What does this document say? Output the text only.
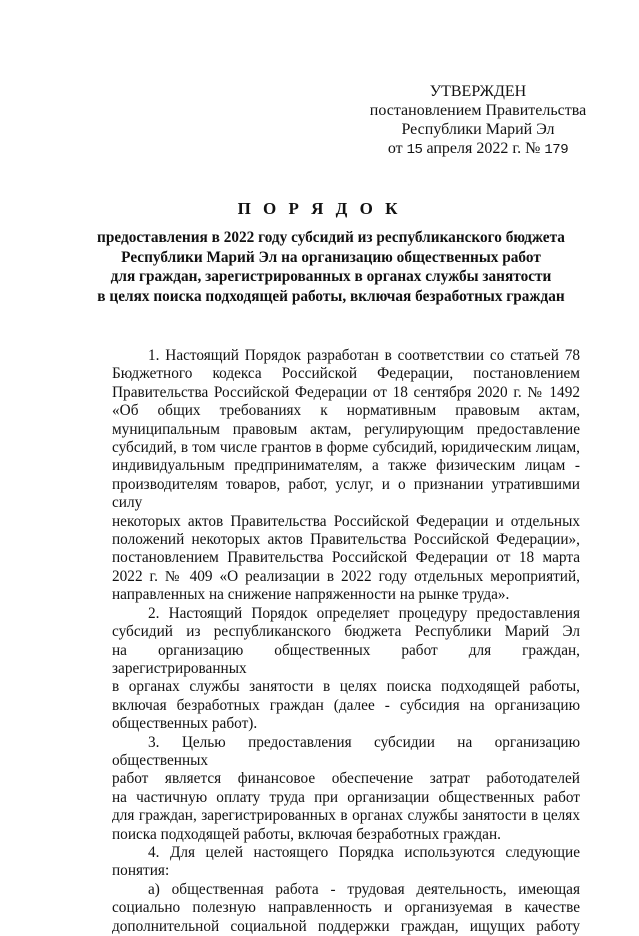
УТВЕРЖДЕН
постановлением Правительства
Республики Марий Эл
от 15 апреля 2022 г. № 179
П О Р Я Д О К
предоставления в 2022 году субсидий из республиканского бюджета
Республики Марий Эл на организацию общественных работ
для граждан, зарегистрированных в органах службы занятости
в целях поиска подходящей работы, включая безработных граждан
1. Настоящий Порядок разработан в соответствии со статьей 78
Бюджетного кодекса Российской Федерации, постановлением
Правительства Российской Федерации от 18 сентября 2020 г. № 1492
«Об общих требованиях к нормативным правовым актам,
муниципальным правовым актам, регулирующим предоставление
субсидий, в том числе грантов в форме субсидий, юридическим лицам,
индивидуальным предпринимателям, а также физическим лицам -
производителям товаров, работ, услуг, и о признании утратившими силу
некоторых актов Правительства Российской Федерации и отдельных
положений некоторых актов Правительства Российской Федерации»,
постановлением Правительства Российской Федерации от 18 марта
2022 г. № 409 «О реализации в 2022 году отдельных мероприятий,
направленных на снижение напряженности на рынке труда».
2. Настоящий Порядок определяет процедуру предоставления
субсидий из республиканского бюджета Республики Марий Эл
на организацию общественных работ для граждан, зарегистрированных
в органах службы занятости в целях поиска подходящей работы,
включая безработных граждан (далее - субсидия на организацию
общественных работ).
3. Целью предоставления субсидии на организацию общественных
работ является финансовое обеспечение затрат работодателей
на частичную оплату труда при организации общественных работ
для граждан, зарегистрированных в органах службы занятости в целях
поиска подходящей работы, включая безработных граждан.
4. Для целей настоящего Порядка используются следующие
понятия:
а) общественная работа - трудовая деятельность, имеющая
социально полезную направленность и организуемая в качестве
дополнительной социальной поддержки граждан, ищущих работу
